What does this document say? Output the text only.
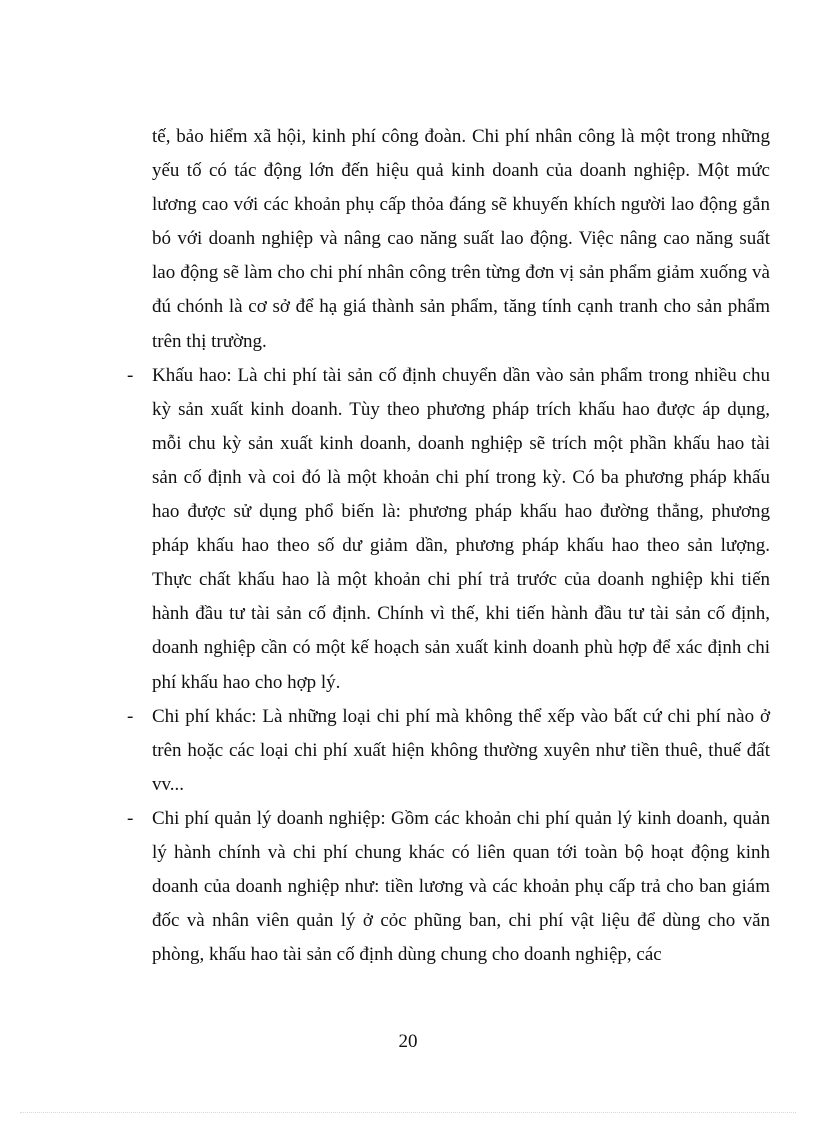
tế, bảo hiểm xã hội, kinh phí công đoàn. Chi phí nhân công là một trong những yếu tố có tác động lớn đến hiệu quả kinh doanh của doanh nghiệp. Một mức lương cao với các khoản phụ cấp thỏa đáng sẽ khuyến khích người lao động gắn bó với doanh nghiệp và nâng cao năng suất lao động. Việc nâng cao năng suất lao động sẽ làm cho chi phí nhân công trên từng đơn vị sản phẩm giảm xuống và đú chónh là cơ sở để hạ giá thành sản phẩm, tăng tính cạnh tranh cho sản phẩm trên thị trường.

- Khấu hao: Là chi phí tài sản cố định chuyển dần vào sản phẩm trong nhiều chu kỳ sản xuất kinh doanh. Tùy theo phương pháp trích khấu hao được áp dụng, mỗi chu kỳ sản xuất kinh doanh, doanh nghiệp sẽ trích một phần khấu hao tài sản cố định và coi đó là một khoản chi phí trong kỳ. Có ba phương pháp khấu hao được sử dụng phổ biến là: phương pháp khấu hao đường thẳng, phương pháp khấu hao theo số dư giảm dần, phương pháp khấu hao theo sản lượng. Thực chất khấu hao là một khoản chi phí trả trước của doanh nghiệp khi tiến hành đầu tư tài sản cố định. Chính vì thế, khi tiến hành đầu tư tài sản cố định, doanh nghiệp cần có một kế hoạch sản xuất kinh doanh phù hợp để xác định chi phí khấu hao cho hợp lý.

- Chi phí khác: Là những loại chi phí mà không thể xếp vào bất cứ chi phí nào ở trên hoặc các loại chi phí xuất hiện không thường xuyên như tiền thuê, thuế đất vv...

- Chi phí quản lý doanh nghiệp: Gồm các khoản chi phí quản lý kinh doanh, quản lý hành chính và chi phí chung khác có liên quan tới toàn bộ hoạt động kinh doanh của doanh nghiệp như: tiền lương và các khoản phụ cấp trả cho ban giám đốc và nhân viên quản lý ở cỏc phũng ban, chi phí vật liệu để dùng cho văn phòng, khấu hao tài sản cố định dùng chung cho doanh nghiệp, các

20
